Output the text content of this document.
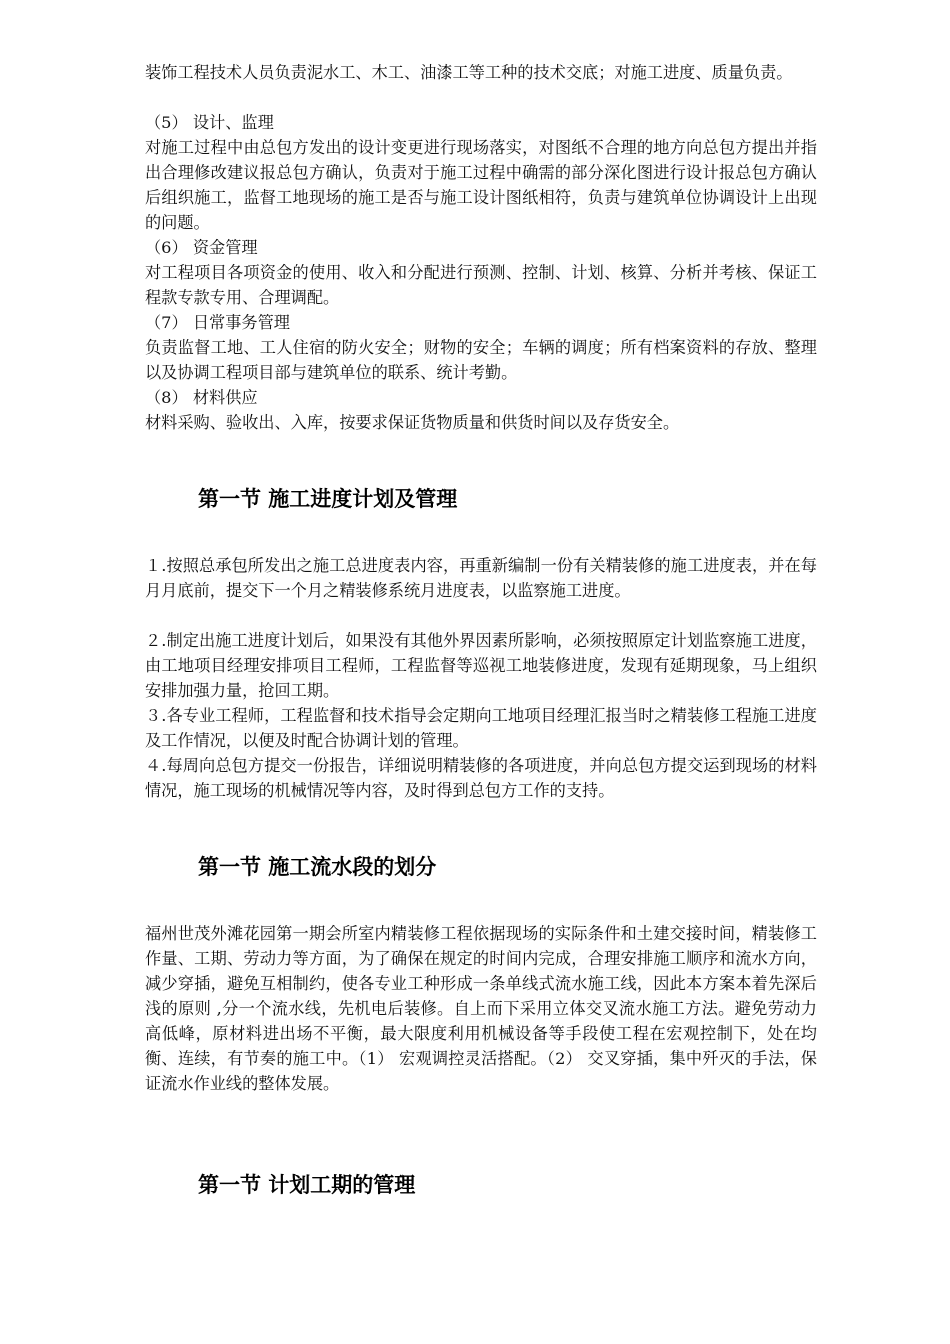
装饰工程技术人员负责泥水工、木工、油漆工等工种的技术交底；对施工进度、质量负责。

（5） 设计、监理

对施工过程中由总包方发出的设计变更进行现场落实，对图纸不合理的地方向总包方提出并指出合理修改建议报总包方确认，负责对于施工过程中确需的部分深化图进行设计报总包方确认后组织施工，监督工地现场的施工是否与施工设计图纸相符，负责与建筑单位协调设计上出现的问题。

（6） 资金管理

对工程项目各项资金的使用、收入和分配进行预测、控制、计划、核算、分析并考核、保证工程款专款专用、合理调配。

（7） 日常事务管理

负责监督工地、工人住宿的防火安全；财物的安全；车辆的调度；所有档案资料的存放、整理以及协调工程项目部与建筑单位的联系、统计考勤。

（8） 材料供应

材料采购、验收出、入库，按要求保证货物质量和供货时间以及存货安全。

第一节 施工进度计划及管理

１.按照总承包所发出之施工总进度表内容，再重新编制一份有关精装修的施工进度表，并在每月月底前，提交下一个月之精装修系统月进度表，以监察施工进度。

２.制定出施工进度计划后，如果没有其他外界因素所影响，必须按照原定计划监察施工进度，由工地项目经理安排项目工程师，工程监督等巡视工地装修进度，发现有延期现象，马上组织安排加强力量，抢回工期。

３.各专业工程师，工程监督和技术指导会定期向工地项目经理汇报当时之精装修工程施工进度及工作情况，以便及时配合协调计划的管理。

４.每周向总包方提交一份报告，详细说明精装修的各项进度，并向总包方提交运到现场的材料情况，施工现场的机械情况等内容，及时得到总包方工作的支持。

第一节 施工流水段的划分

福州世茂外滩花园第一期会所室内精装修工程依据现场的实际条件和土建交接时间，精装修工作量、工期、劳动力等方面，为了确保在规定的时间内完成，合理安排施工顺序和流水方向，减少穿插，避免互相制约，使各专业工种形成一条单线式流水施工线，因此本方案本着先深后浅的原则 ,分一个流水线，先机电后装修。自上而下采用立体交叉流水施工方法。避免劳动力高低峰，原材料进出场不平衡，最大限度利用机械设备等手段使工程在宏观控制下，处在均衡、连续，有节奏的施工中。（1） 宏观调控灵活搭配。（2） 交叉穿插，集中歼灭的手法，保证流水作业线的整体发展。

第一节 计划工期的管理
